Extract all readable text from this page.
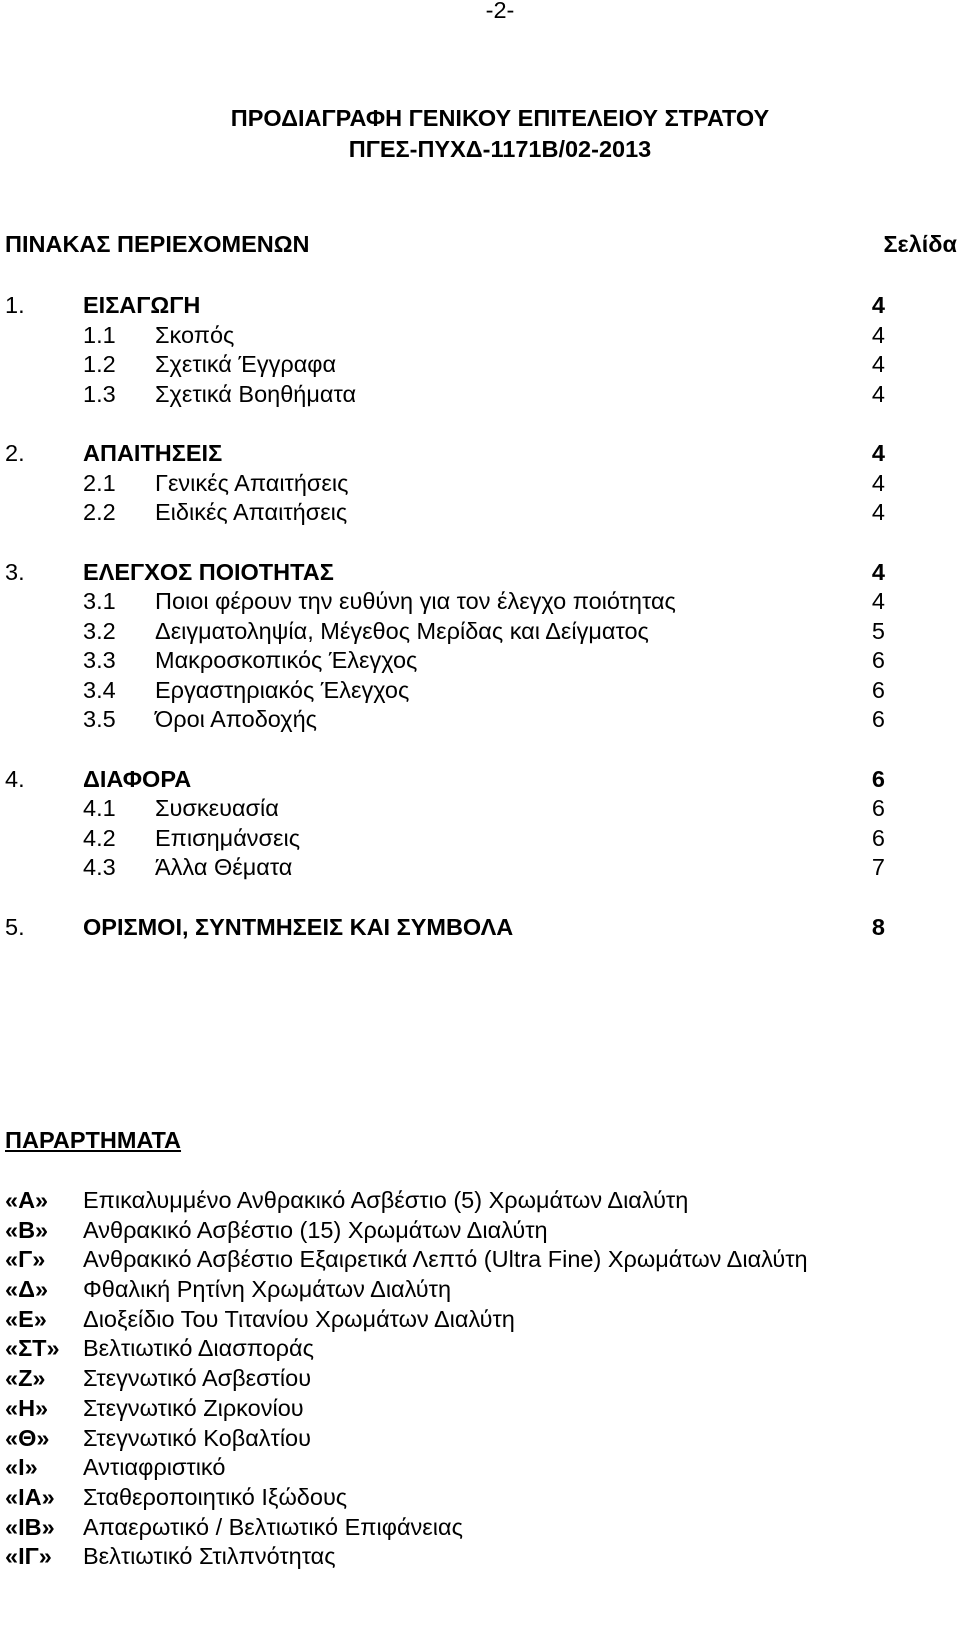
-2-
ΠΡΟΔΙΑΓΡΑΦΗ ΓΕΝΙΚΟΥ ΕΠΙΤΕΛΕΙΟΥ ΣΤΡΑΤΟΥ
ΠΓΕΣ-ΠΥΧΔ-1171Β/02-2013
ΠΙΝΑΚΑΣ ΠΕΡΙΕΧΟΜΕΝΩΝ	Σελίδα
1. ΕΙΣΑΓΩΓΗ	4
1.1 Σκοπός	4
1.2 Σχετικά Έγγραφα	4
1.3 Σχετικά Βοηθήματα	4
2. ΑΠΑΙΤΗΣΕΙΣ	4
2.1 Γενικές Απαιτήσεις	4
2.2 Ειδικές Απαιτήσεις	4
3. ΕΛΕΓΧΟΣ ΠΟΙΟΤΗΤΑΣ	4
3.1 Ποιοι φέρουν την ευθύνη για τον έλεγχο ποιότητας	4
3.2 Δειγματοληψία, Μέγεθος Μερίδας και Δείγματος	5
3.3 Μακροσκοπικός Έλεγχος	6
3.4 Εργαστηριακός Έλεγχος	6
3.5 Όροι Αποδοχής	6
4. ΔΙΑΦΟΡΑ	6
4.1 Συσκευασία	6
4.2 Επισημάνσεις	6
4.3 Άλλα Θέματα	7
5. ΟΡΙΣΜΟΙ, ΣΥΝΤΜΗΣΕΙΣ ΚΑΙ ΣΥΜΒΟΛΑ	8
ΠΑΡΑΡΤΗΜΑΤΑ
«Α» Επικαλυμμένο Ανθρακικό Ασβέστιο (5) Χρωμάτων Διαλύτη
«Β» Ανθρακικό Ασβέστιο (15) Χρωμάτων Διαλύτη
«Γ» Ανθρακικό Ασβέστιο Εξαιρετικά Λεπτό (Ultra Fine) Χρωμάτων Διαλύτη
«Δ» Φθαλική Ρητίνη Χρωμάτων Διαλύτη
«Ε» Διοξείδιο Του Τιτανίου Χρωμάτων Διαλύτη
«ΣΤ» Βελτιωτικό Διασποράς
«Ζ» Στεγνωτικό Ασβεστίου
«Η» Στεγνωτικό Ζιρκονίου
«Θ» Στεγνωτικό Κοβαλτίου
«Ι» Αντιαφριστικό
«ΙΑ» Σταθεροποιητικό Ιξώδους
«ΙΒ» Απαερωτικό / Βελτιωτικό Επιφάνειας
«ΙΓ» Βελτιωτικό Στιλπνότητας
